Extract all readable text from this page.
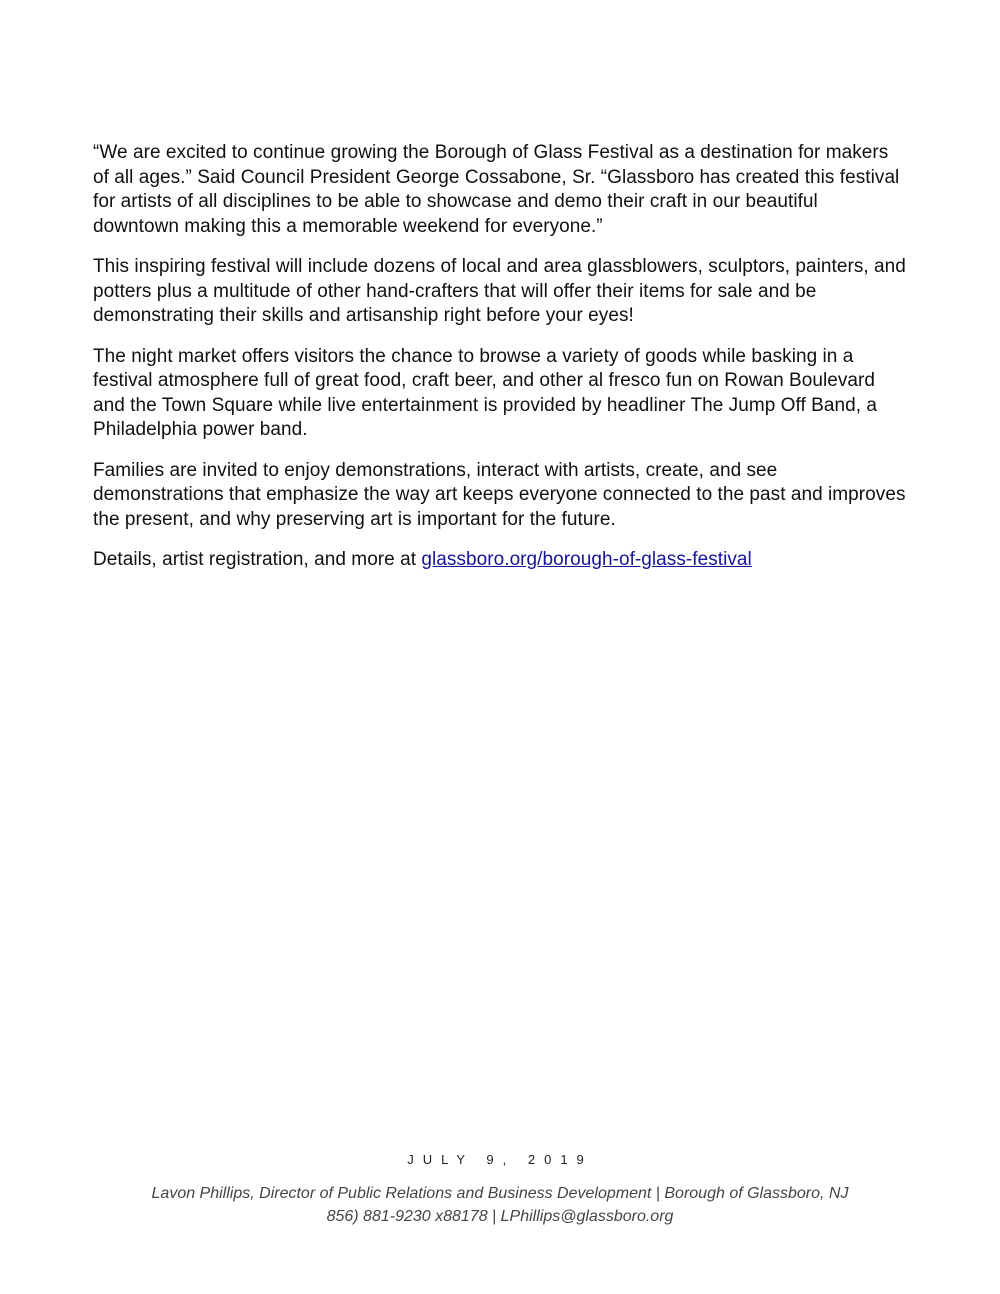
“We are excited to continue growing the Borough of Glass Festival as a destination for makers of all ages.” Said Council President George Cossabone, Sr. “Glassboro has created this festival for artists of all disciplines to be able to showcase and demo their craft in our beautiful downtown making this a memorable weekend for everyone.”

This inspiring festival will include dozens of local and area glassblowers, sculptors, painters, and potters plus a multitude of other hand-crafters that will offer their items for sale and be demonstrating their skills and artisanship right before your eyes!

The night market offers visitors the chance to browse a variety of goods while basking in a festival atmosphere full of great food, craft beer, and other al fresco fun on Rowan Boulevard and the Town Square while live entertainment is provided by headliner The Jump Off Band, a Philadelphia power band.

Families are invited to enjoy demonstrations, interact with artists, create, and see demonstrations that emphasize the way art keeps everyone connected to the past and improves the present, and why preserving art is important for the future.

Details, artist registration, and more at glassboro.org/borough-of-glass-festival

JULY 9, 2019
Lavon Phillips, Director of Public Relations and Business Development | Borough of Glassboro, NJ
856) 881-9230 x88178 | LPhillips@glassboro.org
